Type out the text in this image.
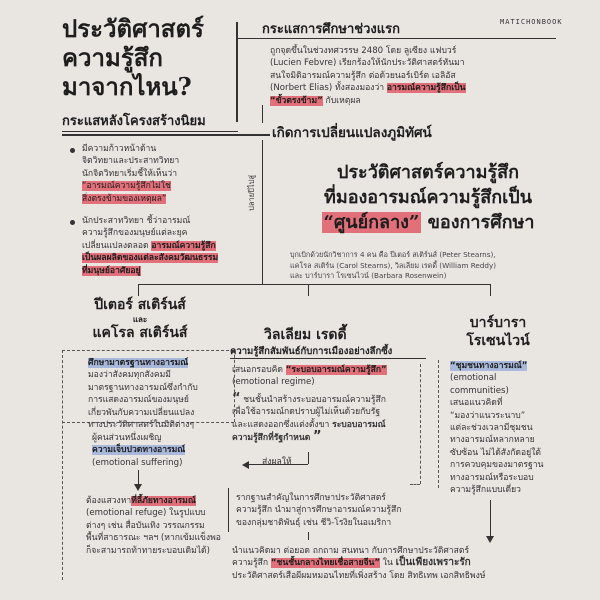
MATICHONBOOK
ประวัติศาสตร์
ความรู้สึก
มาจากไหน?
กระแสหลังโครงสร้างนิยม
กระแสการศึกษาช่วงแรก
ถูกจุดขึ้นในช่วงทศวรรษ 2480 โดย ลูเซียง แฟบวร์
(Lucien Febvre) เรียกร้องให้นักประวัติศาสตร์หันมา
สนใจมิติอารมณ์ความรู้สึก ต่อด้วยนอร์เบิร์ต เอลิอัส
(Norbert Elias) ทั้งสองมองว่า อารมณ์ความรู้สึกเป็น
“ขั้วตรงข้าม” กับเหตุผล
เกิดการเปลี่ยนแปลงภูมิทัศน์
มีความก้าวหน้าด้าน
จิตวิทยาและประสาทวิทยา
นักจิตวิทยาเริ่มชี้ให้เห็นว่า
“อารมณ์ความรู้สึกไม่ใช่
สิ่งตรงข้ามของเหตุผล”
นักประสาทวิทยา ชี้ว่าอารมณ์
ความรู้สึกของมนุษย์แต่ละยุค
เปลี่ยนแปลงตลอด อารมณ์ความรู้สึก
เป็นผลผลิตของแต่ละสังคมวัฒนธรรม
ที่มนุษย์อาศัยอยู่
ปลายปีไปสู่
ประวัติศาสตร์ความรู้สึก
ที่มองอารมณ์ความรู้สึกเป็น
“ศูนย์กลาง” ของการศึกษา
บุกเบิกด้วยนักวิชาการ 4 คน คือ ปีเตอร์ สเติร์นส์ (Peter Stearns),
แคโรล สเติร์น (Carol Stearns), วิลเลียม เรดดี้ (William Reddy)
และ บาร์บารา โรเซนไวน์ (Barbara Rosenwein)
ปีเตอร์ สเติร์นส์
และ
แคโรล สเติร์นส์
ศึกษามาตรฐานทางอารมณ์
มองว่าสังคมทุกสังคมมี
มาตรฐานทางอารมณ์ซึ่งกำกับ
การแสดงอารมณ์ของมนุษย์
เกี่ยวพันกับความเปลี่ยนแปลง
ทางประวัติศาสตร์ในมิติต่างๆ
วิลเลียม เรดดี้
ความรู้สึกสัมพันธ์กับการเมืองอย่างลึกซึ้ง
เสนอกรอบคิด “ระบอบอารมณ์ความรู้สึก”
(emotional regime)
“ ชนชั้นนำสร้างระบอบอารมณ์ความรู้สึก
เพื่อใช้อารมณ์กดปราบผู้ไม่เห็นด้วยกับรัฐ
และแสดงออกซึ่งแต่งตั้งขา ระบอบอารมณ์
ความรู้สึกที่รัฐกำหนด ”
ส่งผลให้
ผู้คนส่วนหนึ่งเผชิญ
ความเจ็บปวดทางอารมณ์
(emotional suffering)
ต้องแสวงหาที่ลี้ภัยทางอารมณ์
(emotional refuge) ในรูปแบบ
ต่างๆ เช่น สื่อบันเทิง วรรณกรรม
พื้นที่สาธารณะ ฯลฯ (หากเข้มแข็งพอ
ก็จะสามารถท้าทายระบอบเดิมได้)
รากฐานสำคัญในการศึกษาประวัติศาสตร์
ความรู้สึก นำมาสู่การศึกษาอารมณ์ความรู้สึก
ของกลุ่มชาติพันธุ์ เช่น ชีวิ-โรงิยในอเมริกา
บาร์บารา
โรเซนไวน์
“ชุมชนทางอารมณ์”
(emotional
communities)
เสนอแนวคิดที่
“มองว่าแนวระนาบ”
แต่ละช่วงเวลามีชุมชน
ทางอารมณ์หลากหลาย
ซับซ้อน ไม่ได้สังกัดอยู่ใต้
การควบคุมของมาตรฐาน
ทางอารมณ์หรือระบอบ
ความรู้สึกแบบเดี่ยว
นำแนวคิดมา ต่อยอด ถกถาม สนทนา กับการศึกษาประวัติศาสตร์
ความรู้สึก “ชนชั้นกลางไทยเชื่อสายจีน” ใน เป็นเพียงเพราะรัก
ประวัติศาสตร์เสือผีผมหมอนไทยที่เพิ่งสร้าง โดย สิทธิเทพ เอกสิทธิพงษ์
